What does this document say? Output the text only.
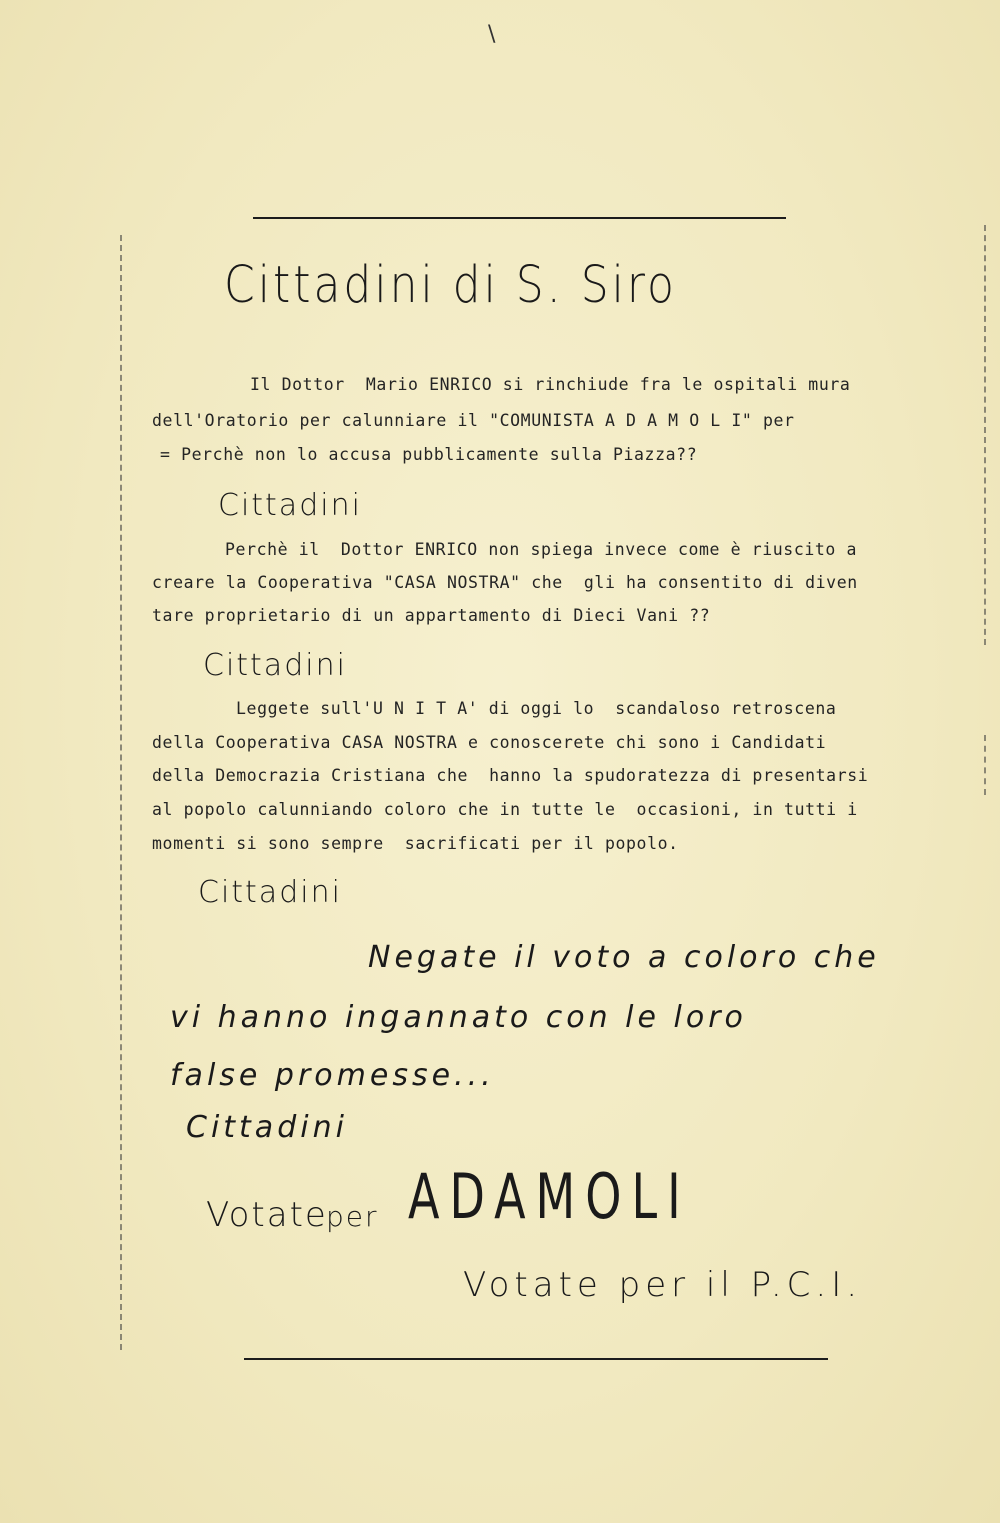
\

Cittadini di S. Siro

Il Dottor  Mario ENRICO si rinchiude fra le ospitali mura

dell'Oratorio per calunniare il "COMUNISTA A D A M O L I" per

= Perchè non lo accusa pubblicamente sulla Piazza??

Cittadini

Perchè il  Dottor ENRICO non spiega invece come è riuscito a

creare la Cooperativa "CASA NOSTRA" che  gli ha consentito di diven

tare proprietario di un appartamento di Dieci Vani ??

Cittadini

Leggete sull'U N I T A' di oggi lo  scandaloso retroscena

della Cooperativa CASA NOSTRA e conoscerete chi sono i Candidati

della Democrazia Cristiana che  hanno la spudoratezza di presentarsi

al popolo calunniando coloro che in tutte le  occasioni, in tutti i

momenti si sono sempre  sacrificati per il popolo.

Cittadini

Negate il voto a coloro che

vi hanno ingannato con le loro

false promesse...

Cittadini

Votate

per ADAMOLI

Votate per il P.C.I.
